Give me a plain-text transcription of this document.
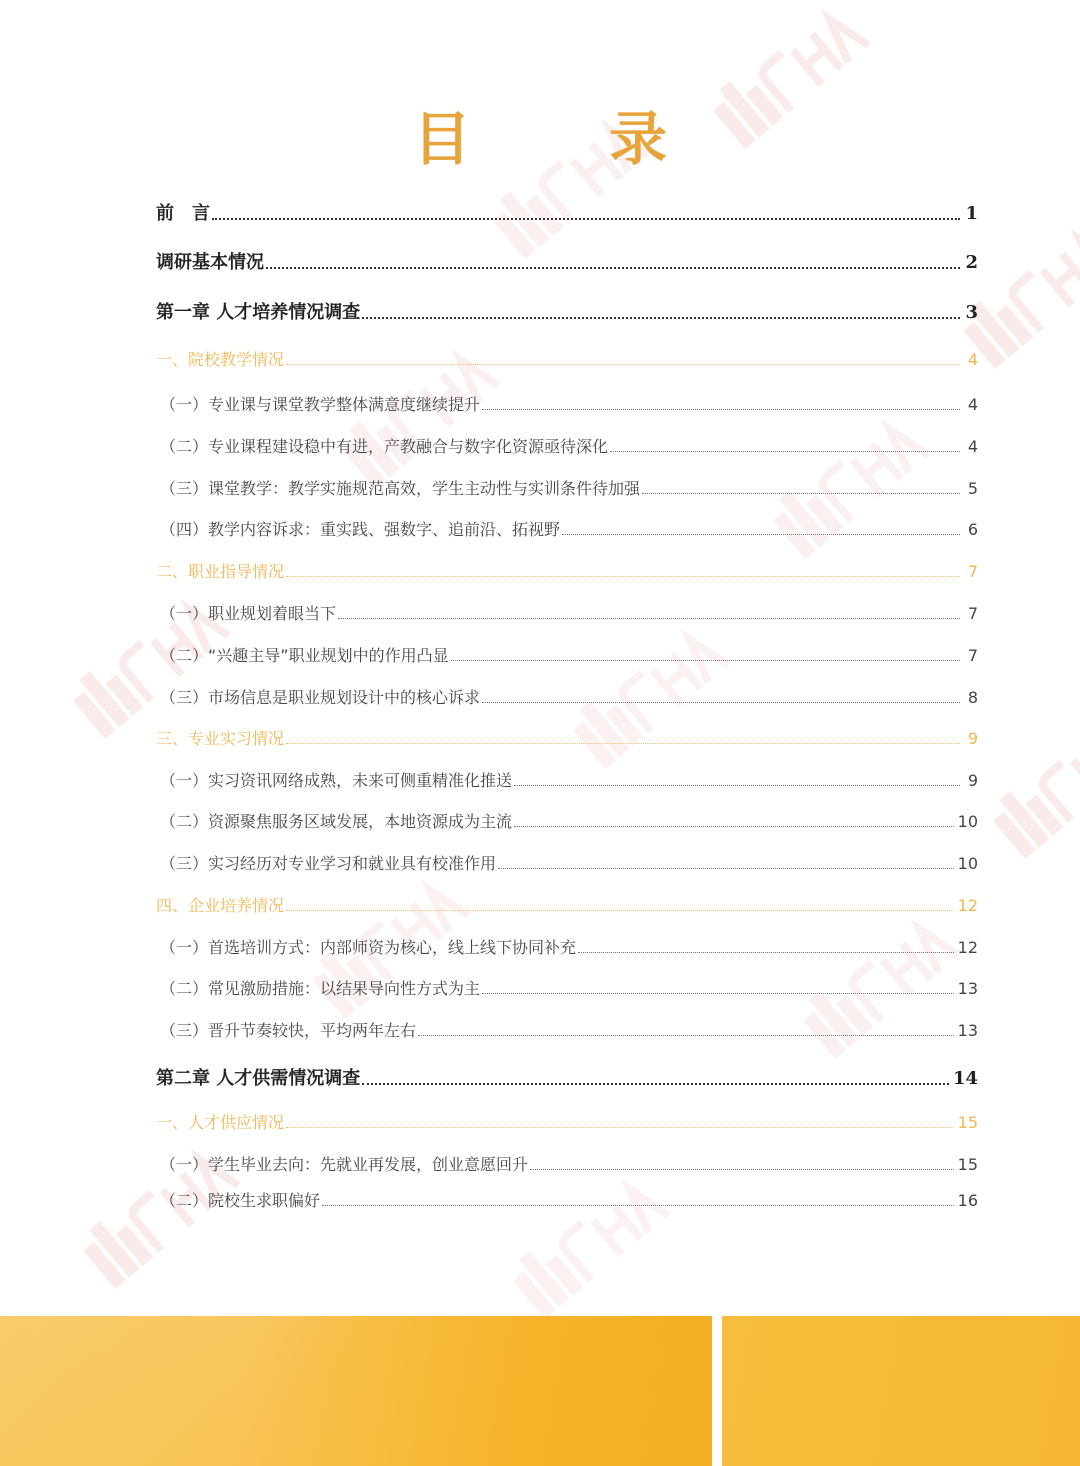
目　录
前　言	1
调研基本情况	2
第一章 人才培养情况调查	3
一、院校教学情况	4
（一）专业课与课堂教学整体满意度继续提升	4
（二）专业课程建设稳中有进，产教融合与数字化资源亟待深化	4
（三）课堂教学：教学实施规范高效，学生主动性与实训条件待加强	5
（四）教学内容诉求：重实践、强数字、追前沿、拓视野	6
二、职业指导情况	7
（一）职业规划着眼当下	7
（二）“兴趣主导”职业规划中的作用凸显	7
（三）市场信息是职业规划设计中的核心诉求	8
三、专业实习情况	9
（一）实习资讯网络成熟，未来可侧重精准化推送	9
（二）资源聚焦服务区域发展，本地资源成为主流	10
（三）实习经历对专业学习和就业具有校准作用	10
四、企业培养情况	12
（一）首选培训方式：内部师资为核心，线上线下协同补充	12
（二）常见激励措施：以结果导向性方式为主	13
（三）晋升节奏较快，平均两年左右	13
第二章 人才供需情况调查	14
一、人才供应情况	15
（一）学生毕业去向：先就业再发展，创业意愿回升	15
（二）院校生求职偏好	16
